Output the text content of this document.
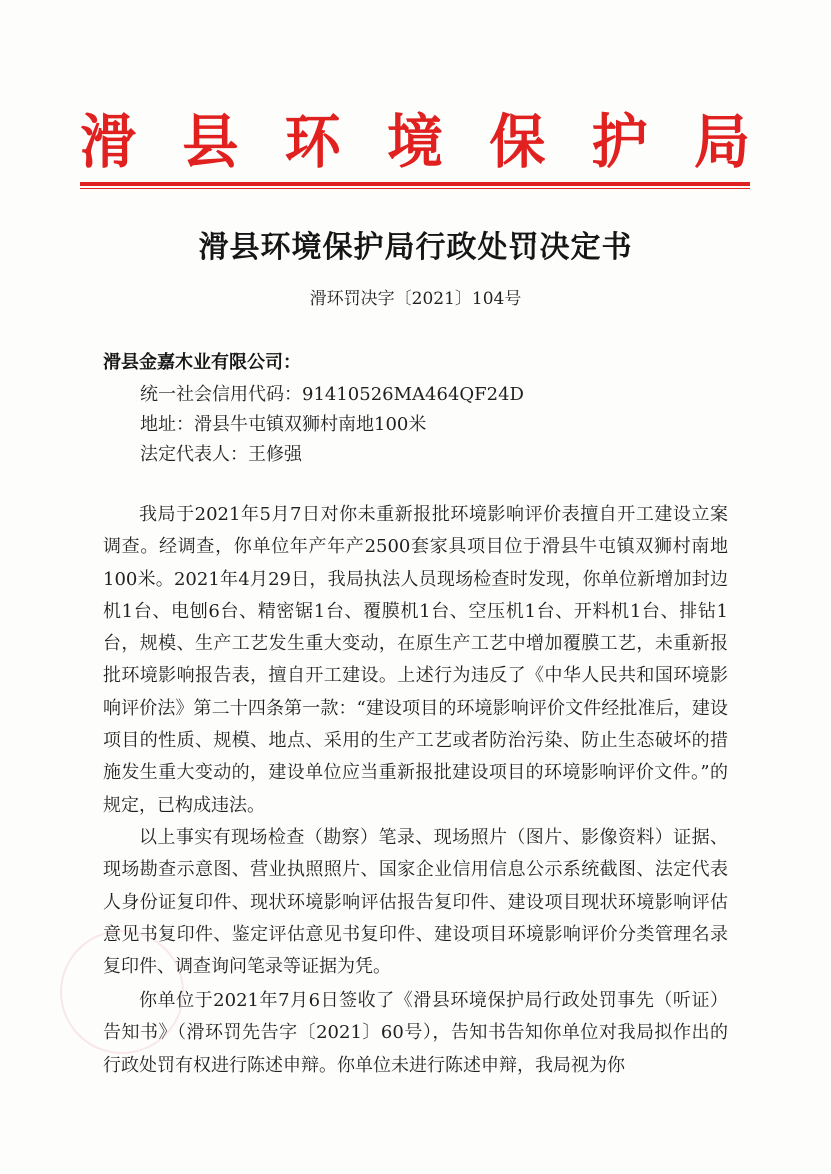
滑 县 环 境 保 护 局
滑县环境保护局行政处罚决定书
滑环罚决字〔2021〕104号
滑县金嘉木业有限公司：
统一社会信用代码：91410526MA464QF24D
地址：滑县牛屯镇双狮村南地100米
法定代表人：王修强

我局于2021年5月7日对你未重新报批环境影响评价表擅自开工建设立案调查。经调查，你单位年产年产2500套家具项目位于滑县牛屯镇双狮村南地100米。2021年4月29日，我局执法人员现场检查时发现，你单位新增加封边机1台、电刨6台、精密锯1台、覆膜机1台、空压机1台、开料机1台、排钻1台，规模、生产工艺发生重大变动，在原生产工艺中增加覆膜工艺，未重新报批环境影响报告表，擅自开工建设。上述行为违反了《中华人民共和国环境影响评价法》第二十四条第一款：“建设项目的环境影响评价文件经批准后，建设项目的性质、规模、地点、采用的生产工艺或者防治污染、防止生态破坏的措施发生重大变动的，建设单位应当重新报批建设项目的环境影响评价文件。”的规定，已构成违法。

以上事实有现场检查（勘察）笔录、现场照片（图片、影像资料）证据、现场勘查示意图、营业执照照片、国家企业信用信息公示系统截图、法定代表人身份证复印件、现状环境影响评估报告复印件、建设项目现状环境影响评估意见书复印件、鉴定评估意见书复印件、建设项目环境影响评价分类管理名录复印件、调查询问笔录等证据为凭。

你单位于2021年7月6日签收了《滑县环境保护局行政处罚事先（听证）告知书》（滑环罚先告字〔2021〕60号），告知书告知你单位对我局拟作出的行政处罚有权进行陈述申辩。你单位未进行陈述申辩，我局视为你
